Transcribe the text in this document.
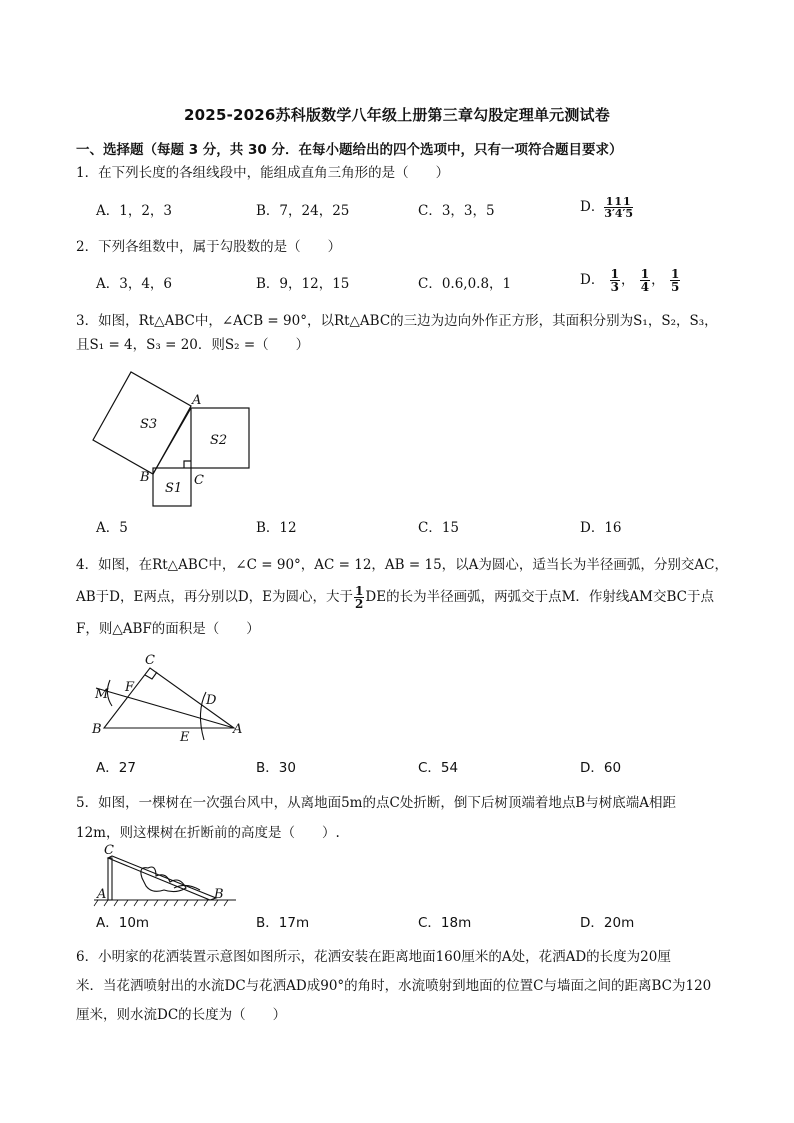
2025-2026苏科版数学八年级上册第三章勾股定理单元测试卷
一、选择题（每题 3 分，共 30 分．在每小题给出的四个选项中，只有一项符合题目要求）
1．在下列长度的各组线段中，能组成直角三角形的是（　　）
A．1，2，3	B．7，24，25	C．3，3，5	D． $\frac{111}{3'4'5}$
2．下列各组数中，属于勾股数的是（　　）
A．3，4，6	B．9，12，15	C．0.6,0.8，1	D． $\frac{1}{3}$ ， $\frac{1}{4}$ ， $\frac{1}{5}$
3．如图，Rt△ABC中，∠ACB = 90°，以Rt△ABC的三边为边向外作正方形，其面积分别为S₁，S₂，S₃，
且S₁ = 4，S₃ = 20．则S₂ =（　　）
S3
S2
S1
A
B	C
A．5	B．12	C．15	D．16
4．如图，在Rt△ABC中，∠C = 90°，AC = 12，AB = 15，以A为圆心，适当长为半径画弧，分别交AC，
AB于D，E两点，再分别以D，E为圆心，大于 $\frac{1}{2}$ DE的长为半径画弧，两弧交于点M．作射线AM交BC于点
F，则△ABF的面积是（　　）
C
M F
D
B
E
A
A．27	B．30	C．54	D．60
5．如图，一棵树在一次强台风中，从离地面5m的点C处折断，倒下后树顶端着地点B与树底端A相距
12m，则这棵树在折断前的高度是（　　）.
C
A	B
A．10m	B．17m	C．18m	D．20m
6．小明家的花洒装置示意图如图所示，花洒安装在距离地面160厘米的A处，花洒AD的长度为20厘
米．当花洒喷射出的水流DC与花洒AD成90°的角时，水流喷射到地面的位置C与墙面之间的距离BC为120
厘米，则水流DC的长度为（　　）
